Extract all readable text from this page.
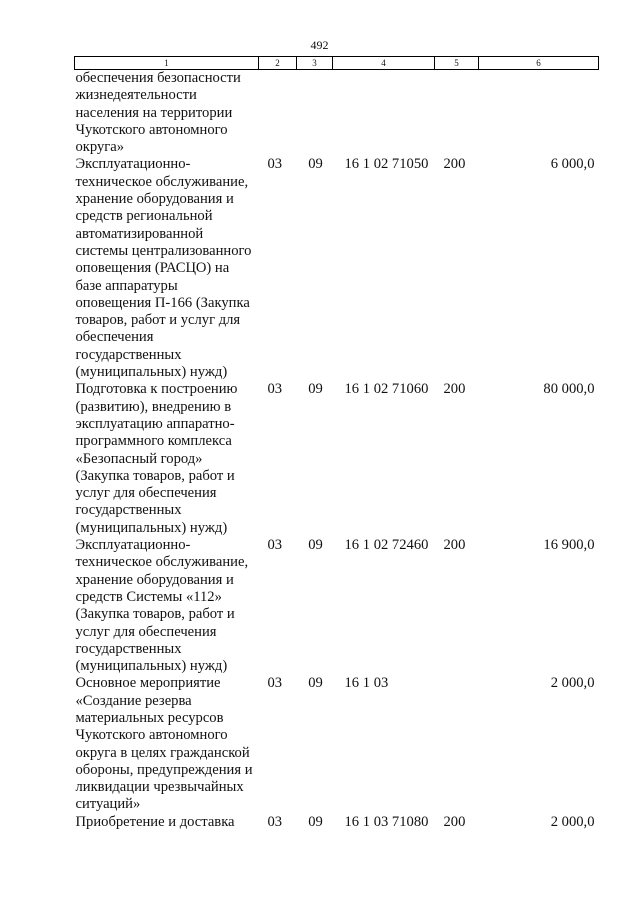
492
1	2	3	4	5	6
обеспечения безопасности жизнедеятельности населения на территории Чукотского автономного округа»					
Эксплуатационно-техническое обслуживание, хранение оборудования и средств региональной автоматизированной системы централизованного оповещения (РАСЦО) на базе аппаратуры оповещения П-166 (Закупка товаров, работ и услуг для обеспечения государственных (муниципальных) нужд)	03	09	16 1 02 71050	200	6 000,0
Подготовка к построению (развитию), внедрению в эксплуатацию аппаратно-программного комплекса «Безопасный город» (Закупка товаров, работ и услуг для обеспечения государственных (муниципальных) нужд)	03	09	16 1 02 71060	200	80 000,0
Эксплуатационно-техническое обслуживание, хранение оборудования и средств Системы «112» (Закупка товаров, работ и услуг для обеспечения государственных (муниципальных) нужд)	03	09	16 1 02 72460	200	16 900,0
Основное мероприятие «Создание резерва материальных ресурсов Чукотского автономного округа в целях гражданской обороны, предупреждения и ликвидации чрезвычайных ситуаций»	03	09	16 1 03		2 000,0
Приобретение и доставка	03	09	16 1 03 71080	200	2 000,0
